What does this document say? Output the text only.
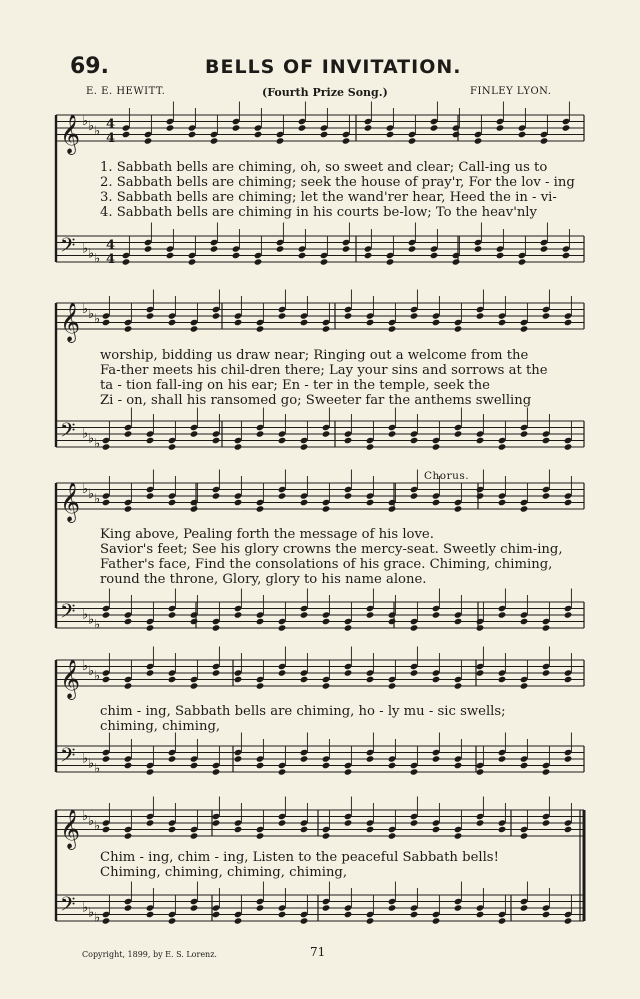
69.	BELLS OF INVITATION.
E. E. HEWITT.	(Fourth Prize Song.)	FINLEY LYON.
𝄞 ♭ ♭ ♭
𝄢 ♭ ♭ ♭
𝄞 ♭ ♭ ♭
𝄢 ♭ ♭ ♭
𝄞 ♭ ♭ ♭
𝄢 ♭ ♭ ♭
𝄞 ♭ ♭ ♭
𝄢 ♭ ♭ ♭
𝄞 ♭ ♭ ♭
𝄢 ♭ ♭ ♭
4
4
4
4
1. Sabbath bells are chiming, oh, so sweet and clear; Call-ing us to
2. Sabbath bells are chiming; seek the house of pray'r, For the lov - ing
3. Sabbath bells are chiming; let the wand'rer hear, Heed the in - vi-
4. Sabbath bells are chiming in his courts be-low; To the heav'nly
worship, bidding us draw near; Ringing out a welcome from the
Fa-ther meets his chil-dren there; Lay your sins and sorrows at the
ta - tion fall-ing on his ear; En - ter in the temple, seek the
Zi - on, shall his ransomed go; Sweeter far the anthems swelling
Chorus.
King above, Pealing forth the message of his love.
Savior's feet; See his glory crowns the mercy-seat. Sweetly chim-ing,
Father's face, Find the consolations of his grace. Chiming, chiming,
round the throne, Glory, glory to his name alone.
chim - ing, Sabbath bells are chiming, ho - ly mu - sic swells;
chiming, chiming,
Chim - ing, chim - ing, Listen to the peaceful Sabbath bells!
Chiming, chiming, chiming, chiming,
Copyright, 1899, by E. S. Lorenz.	71
